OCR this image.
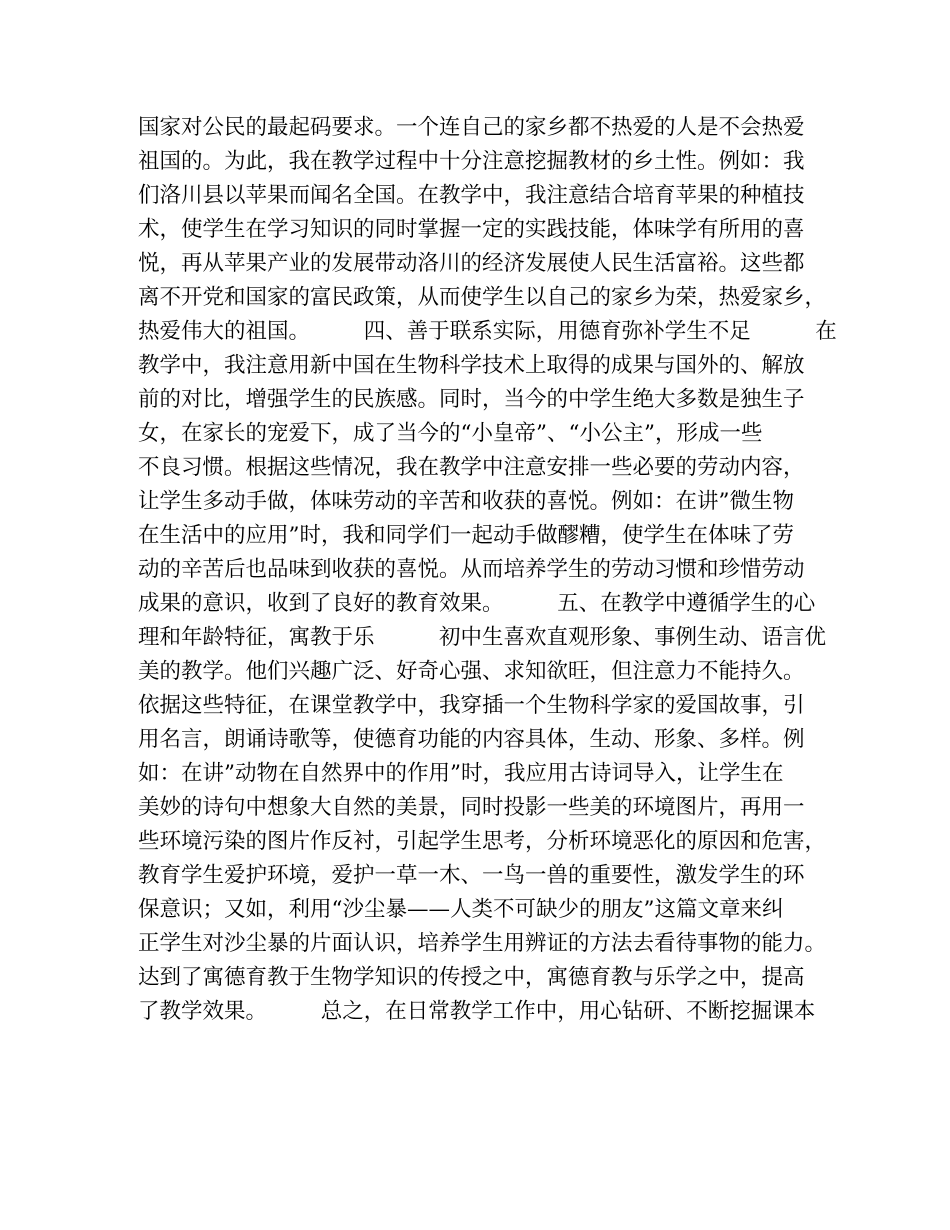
国家对公民的最起码要求。一个连自己的家乡都不热爱的人是不会热爱
祖国的。为此，我在教学过程中十分注意挖掘教材的乡土性。例如：我
们洛川县以苹果而闻名全国。在教学中，我注意结合培育苹果的种植技
术，使学生在学习知识的同时掌握一定的实践技能，体味学有所用的喜
悦，再从苹果产业的发展带动洛川的经济发展使人民生活富裕。这些都
离不开党和国家的富民政策，从而使学生以自己的家乡为荣，热爱家乡，
热爱伟大的祖国。　　　四、善于联系实际，用德育弥补学生不足　　　在
教学中，我注意用新中国在生物科学技术上取得的成果与国外的、解放
前的对比，增强学生的民族感。同时，当今的中学生绝大多数是独生子
女，在家长的宠爱下，成了当今的“小皇帝”、“小公主”，形成一些
不良习惯。根据这些情况，我在教学中注意安排一些必要的劳动内容，
让学生多动手做，体味劳动的辛苦和收获的喜悦。例如：在讲”微生物
在生活中的应用”时，我和同学们一起动手做醪糟，使学生在体味了劳
动的辛苦后也品味到收获的喜悦。从而培养学生的劳动习惯和珍惜劳动
成果的意识，收到了良好的教育效果。　　　五、在教学中遵循学生的心
理和年龄特征，寓教于乐　　　初中生喜欢直观形象、事例生动、语言优
美的教学。他们兴趣广泛、好奇心强、求知欲旺，但注意力不能持久。
依据这些特征，在课堂教学中，我穿插一个生物科学家的爱国故事，引
用名言，朗诵诗歌等，使德育功能的内容具体，生动、形象、多样。例
如：在讲”动物在自然界中的作用”时，我应用古诗词导入，让学生在
美妙的诗句中想象大自然的美景，同时投影一些美的环境图片，再用一
些环境污染的图片作反衬，引起学生思考，分析环境恶化的原因和危害，
教育学生爱护环境，爱护一草一木、一鸟一兽的重要性，激发学生的环
保意识；又如，利用“沙尘暴——人类不可缺少的朋友”这篇文章来纠
正学生对沙尘暴的片面认识，培养学生用辨证的方法去看待事物的能力。
达到了寓德育教于生物学知识的传授之中，寓德育教与乐学之中，提高
了教学效果。　　　总之，在日常教学工作中，用心钻研、不断挖掘课本
